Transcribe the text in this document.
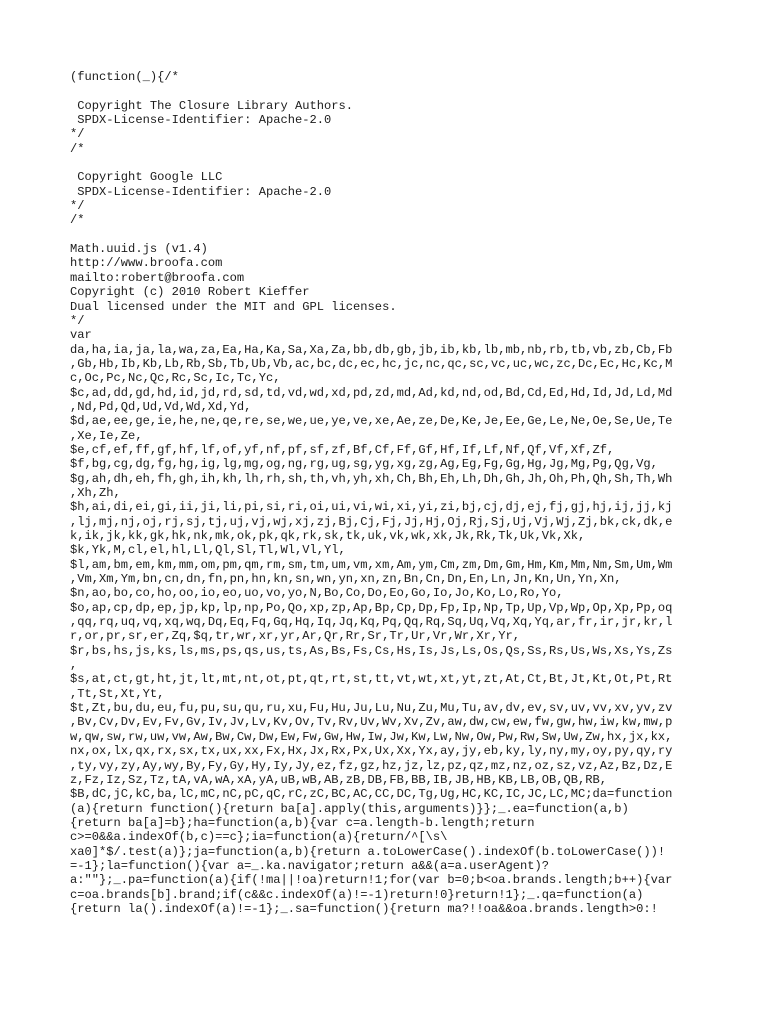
(function(_){/*

Copyright The Closure Library Authors.
SPDX-License-Identifier: Apache-2.0
*/
/*

Copyright Google LLC
SPDX-License-Identifier: Apache-2.0
*/
/*

Math.uuid.js (v1.4)
http://www.broofa.com
mailto:robert@broofa.com
Copyright (c) 2010 Robert Kieffer
Dual licensed under the MIT and GPL licenses.
*/
var
da,ha,ia,ja,la,wa,za,Ea,Ha,Ka,Sa,Xa,Za,bb,db,gb,jb,ib,kb,lb,mb,nb,rb,tb,vb,zb,Cb,Fb
,Gb,Hb,Ib,Kb,Lb,Rb,Sb,Tb,Ub,Vb,ac,bc,dc,ec,hc,jc,nc,qc,sc,vc,uc,wc,zc,Dc,Ec,Hc,Kc,M
c,Oc,Pc,Nc,Qc,Rc,Sc,Ic,Tc,Yc,
$c,ad,dd,gd,hd,id,jd,rd,sd,td,vd,wd,xd,pd,zd,md,Ad,kd,nd,od,Bd,Cd,Ed,Hd,Id,Jd,Ld,Md
,Nd,Pd,Qd,Ud,Vd,Wd,Xd,Yd,
$d,ae,ee,ge,ie,he,ne,qe,re,se,we,ue,ye,ve,xe,Ae,ze,De,Ke,Je,Ee,Ge,Le,Ne,Oe,Se,Ue,Te
,Xe,Ie,Ze,
$e,cf,ef,ff,gf,hf,lf,of,yf,nf,pf,sf,zf,Bf,Cf,Ff,Gf,Hf,If,Lf,Nf,Qf,Vf,Xf,Zf,
$f,bg,cg,dg,fg,hg,ig,lg,mg,og,ng,rg,ug,sg,yg,xg,zg,Ag,Eg,Fg,Gg,Hg,Jg,Mg,Pg,Qg,Vg,
$g,ah,dh,eh,fh,gh,ih,kh,lh,rh,sh,th,vh,yh,xh,Ch,Bh,Eh,Lh,Dh,Gh,Jh,Oh,Ph,Qh,Sh,Th,Wh
,Xh,Zh,
$h,ai,di,ei,gi,ii,ji,li,pi,si,ri,oi,ui,vi,wi,xi,yi,zi,bj,cj,dj,ej,fj,gj,hj,ij,jj,kj
,lj,mj,nj,oj,rj,sj,tj,uj,vj,wj,xj,zj,Bj,Cj,Fj,Jj,Hj,Oj,Rj,Sj,Uj,Vj,Wj,Zj,bk,ck,dk,e
k,ik,jk,kk,gk,hk,nk,mk,ok,pk,qk,rk,sk,tk,uk,vk,wk,xk,Jk,Rk,Tk,Uk,Vk,Xk,
$k,Yk,M,cl,el,hl,Ll,Ql,Sl,Tl,Wl,Vl,Yl,
$l,am,bm,em,km,mm,om,pm,qm,rm,sm,tm,um,vm,xm,Am,ym,Cm,zm,Dm,Gm,Hm,Km,Mm,Nm,Sm,Um,Wm
,Vm,Xm,Ym,bn,cn,dn,fn,pn,hn,kn,sn,wn,yn,xn,zn,Bn,Cn,Dn,En,Ln,Jn,Kn,Un,Yn,Xn,
$n,ao,bo,co,ho,oo,io,eo,uo,vo,yo,N,Bo,Co,Do,Eo,Go,Io,Jo,Ko,Lo,Ro,Yo,
$o,ap,cp,dp,ep,jp,kp,lp,np,Po,Qo,xp,zp,Ap,Bp,Cp,Dp,Fp,Ip,Np,Tp,Up,Vp,Wp,Op,Xp,Pp,oq
,qq,rq,uq,vq,xq,wq,Dq,Eq,Fq,Gq,Hq,Iq,Jq,Kq,Pq,Qq,Rq,Sq,Uq,Vq,Xq,Yq,ar,fr,ir,jr,kr,l
r,or,pr,sr,er,Zq,$q,tr,wr,xr,yr,Ar,Qr,Rr,Sr,Tr,Ur,Vr,Wr,Xr,Yr,
$r,bs,hs,js,ks,ls,ms,ps,qs,us,ts,As,Bs,Fs,Cs,Hs,Is,Js,Ls,Os,Qs,Ss,Rs,Us,Ws,Xs,Ys,Zs
,
$s,at,ct,gt,ht,jt,lt,mt,nt,ot,pt,qt,rt,st,tt,vt,wt,xt,yt,zt,At,Ct,Bt,Jt,Kt,Ot,Pt,Rt
,Tt,St,Xt,Yt,
$t,Zt,bu,du,eu,fu,pu,su,qu,ru,xu,Fu,Hu,Ju,Lu,Nu,Zu,Mu,Tu,av,dv,ev,sv,uv,vv,xv,yv,zv
,Bv,Cv,Dv,Ev,Fv,Gv,Iv,Jv,Lv,Kv,Ov,Tv,Rv,Uv,Wv,Xv,Zv,aw,dw,cw,ew,fw,gw,hw,iw,kw,mw,p
w,qw,sw,rw,uw,vw,Aw,Bw,Cw,Dw,Ew,Fw,Gw,Hw,Iw,Jw,Kw,Lw,Nw,Ow,Pw,Rw,Sw,Uw,Zw,hx,jx,kx,
nx,ox,lx,qx,rx,sx,tx,ux,xx,Fx,Hx,Jx,Rx,Px,Ux,Xx,Yx,ay,jy,eb,ky,ly,ny,my,oy,py,qy,ry
,ty,vy,zy,Ay,wy,By,Fy,Gy,Hy,Iy,Jy,ez,fz,gz,hz,jz,lz,pz,qz,mz,nz,oz,sz,vz,Az,Bz,Dz,E
z,Fz,Iz,Sz,Tz,tA,vA,wA,xA,yA,uB,wB,AB,zB,DB,FB,BB,IB,JB,HB,KB,LB,OB,QB,RB,
$B,dC,jC,kC,ba,lC,mC,nC,pC,qC,rC,zC,BC,AC,CC,DC,Tg,Ug,HC,KC,IC,JC,LC,MC;da=function
(a){return function(){return ba[a].apply(this,arguments)}};_.ea=function(a,b)
{return ba[a]=b};ha=function(a,b){var c=a.length-b.length;return
c>=0&&a.indexOf(b,c)==c};ia=function(a){return/^[\s\
xa0]*$/.test(a)};ja=function(a,b){return a.toLowerCase().indexOf(b.toLowerCase())!
=-1};la=function(){var a=_.ka.navigator;return a&&(a=a.userAgent)?
a:""};_.pa=function(a){if(!ma||!oa)return!1;for(var b=0;b<oa.brands.length;b++){var
c=oa.brands[b].brand;if(c&&c.indexOf(a)!=-1)return!0}return!1};_.qa=function(a)
{return la().indexOf(a)!=-1};_.sa=function(){return ma?!!oa&&oa.brands.length>0:!
